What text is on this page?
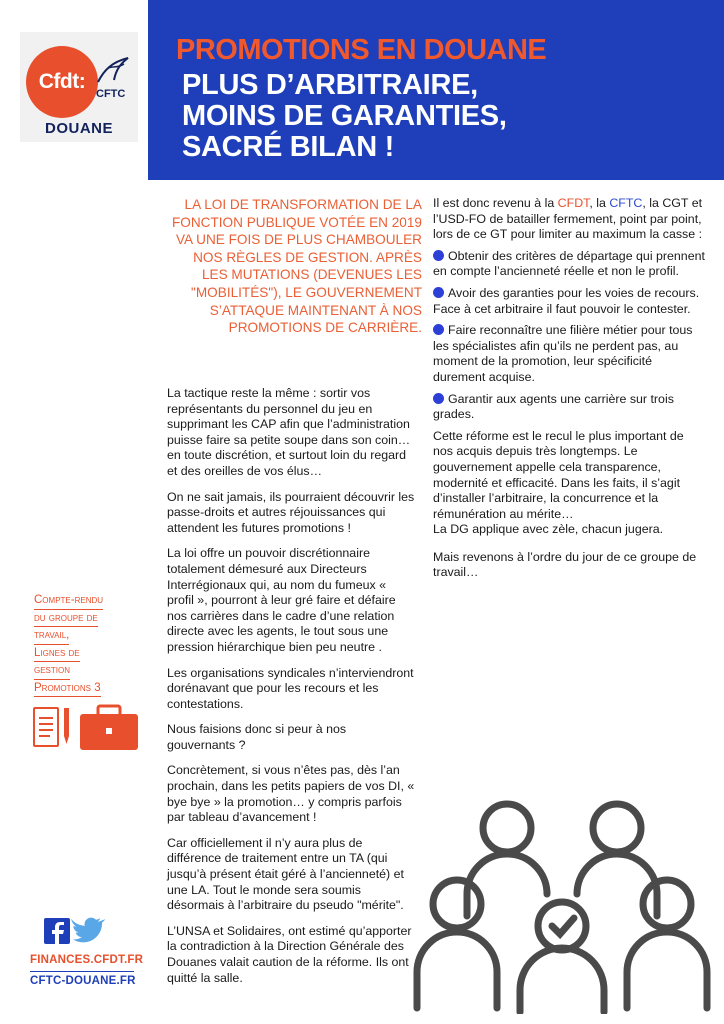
Cfdt:
CFTC
DOUANE
PROMOTIONS EN DOUANE
PLUS D’ARBITRAIRE,
MOINS DE GARANTIES,
SACRÉ BILAN !
LA LOI DE TRANSFORMATION DE LA FONCTION PUBLIQUE VOTÉE EN 2019 VA UNE FOIS DE PLUS CHAMBOULER NOS RÈGLES DE GESTION. APRÈS LES MUTATIONS (DEVENUES LES "MOBILITÉS"), LE GOUVERNEMENT S’ATTAQUE MAINTENANT À NOS PROMOTIONS DE CARRIÈRE.

La tactique reste la même : sortir vos représentants du personnel du jeu en supprimant les CAP afin que l’administration puisse faire sa petite soupe dans son coin… en toute discrétion, et surtout loin du regard et des oreilles de vos élus…

On ne sait jamais, ils pourraient découvrir les passe-droits et autres réjouissances qui attendent les futures promotions !

La loi offre un pouvoir discrétionnaire totalement démesuré aux Directeurs Interrégionaux qui, au nom du fumeux « profil », pourront à leur gré faire et défaire nos carrières dans le cadre d’une relation directe avec les agents, le tout sous une pression hiérarchique bien peu neutre .

Les organisations syndicales n’interviendront dorénavant que pour les recours et les contestations.

Nous faisions donc si peur à nos gouvernants ?

Concrètement, si vous n’êtes pas, dès l’an prochain, dans les petits papiers de vos DI, « bye bye » la promotion… y compris parfois par tableau d’avancement !

Car officiellement il n’y aura plus de différence de traitement entre un TA (qui jusqu’à présent était géré à l’ancienneté) et une LA. Tout le monde sera soumis désormais à l’arbitraire du pseudo "mérite".

L’UNSA et Solidaires, ont estimé qu’apporter la contradiction à la Direction Générale des Douanes valait caution de la réforme. Ils ont quitté la salle.

Il est donc revenu à la CFDT, la CFTC, la CGT et l’USD-FO de batailler fermement, point par point, lors de ce GT pour limiter au maximum la casse :

Obtenir des critères de départage qui prennent en compte l’ancienneté réelle et non le profil.

Avoir des garanties pour les voies de recours. Face à cet arbitraire il faut pouvoir le contester.

Faire reconnaître une filière métier pour tous les spécialistes afin qu’ils ne perdent pas, au moment de la promotion, leur spécificité durement acquise.

Garantir aux agents une carrière sur trois grades.

Cette réforme est le recul le plus important de nos acquis depuis très longtemps. Le gouvernement appelle cela transparence, modernité et efficacité. Dans les faits, il s’agit d’installer l’arbitraire, la concurrence et la rémunération au mérite…

La DG applique avec zèle, chacun jugera.

Mais revenons à l’ordre du jour de ce groupe de travail…

Compte-rendu
du groupe de
travail,
Lignes de
gestion
Promotions 3
FINANCES.CFDT.FR
CFTC-DOUANE.FR
